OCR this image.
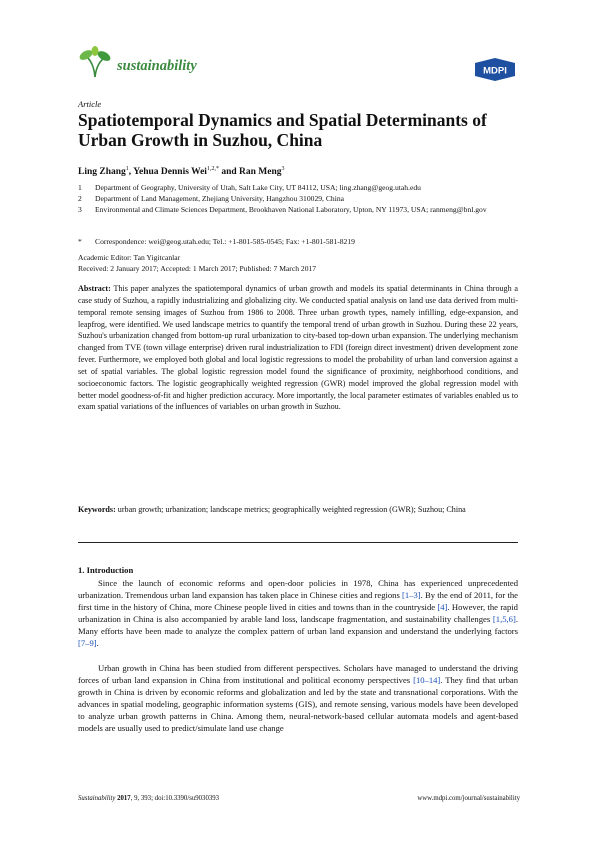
sustainability	MDPI
Article
Spatiotemporal Dynamics and Spatial Determinants of Urban Growth in Suzhou, China
Ling Zhang$^1$, Yehua Dennis Wei$^{1,2,*}$ and Ran Meng$^3$
1	Department of Geography, University of Utah, Salt Lake City, UT 84112, USA; ling.zhang@geog.utah.edu
2	Department of Land Management, Zhejiang University, Hangzhou 310029, China
3	Environmental and Climate Sciences Department, Brookhaven National Laboratory, Upton, NY 11973, USA; ranmeng@bnl.gov
*	Correspondence: wei@geog.utah.edu; Tel.: +1-801-585-0545; Fax: +1-801-581-8219
Academic Editor: Tan Yigitcanlar
Received: 2 January 2017; Accepted: 1 March 2017; Published: 7 March 2017

Abstract: This paper analyzes the spatiotemporal dynamics of urban growth and models its spatial determinants in China through a case study of Suzhou, a rapidly industrializing and globalizing city. We conducted spatial analysis on land use data derived from multi-temporal remote sensing images of Suzhou from 1986 to 2008. Three urban growth types, namely infilling, edge-expansion, and leapfrog, were identified. We used landscape metrics to quantify the temporal trend of urban growth in Suzhou. During these 22 years, Suzhou's urbanization changed from bottom-up rural urbanization to city-based top-down urban expansion. The underlying mechanism changed from TVE (town village enterprise) driven rural industrialization to FDI (foreign direct investment) driven development zone fever. Furthermore, we employed both global and local logistic regressions to model the probability of urban land conversion against a set of spatial variables. The global logistic regression model found the significance of proximity, neighborhood conditions, and socioeconomic factors. The logistic geographically weighted regression (GWR) model improved the global regression model with better model goodness-of-fit and higher prediction accuracy. More importantly, the local parameter estimates of variables enabled us to exam spatial variations of the influences of variables on urban growth in Suzhou.

Keywords: urban growth; urbanization; landscape metrics; geographically weighted regression (GWR); Suzhou; China

1. Introduction

Since the launch of economic reforms and open-door policies in 1978, China has experienced unprecedented urbanization. Tremendous urban land expansion has taken place in Chinese cities and regions [1–3]. By the end of 2011, for the first time in the history of China, more Chinese people lived in cities and towns than in the countryside [4]. However, the rapid urbanization in China is also accompanied by arable land loss, landscape fragmentation, and sustainability challenges [1,5,6]. Many efforts have been made to analyze the complex pattern of urban land expansion and understand the underlying factors [7–9].

Urban growth in China has been studied from different perspectives. Scholars have managed to understand the driving forces of urban land expansion in China from institutional and political economy perspectives [10–14]. They find that urban growth in China is driven by economic reforms and globalization and led by the state and transnational corporations. With the advances in spatial modeling, geographic information systems (GIS), and remote sensing, various models have been developed to analyze urban growth patterns in China. Among them, neural-network-based cellular automata models and agent-based models are usually used to predict/simulate land use change

Sustainability 2017, 9, 393; doi:10.3390/su9030393	www.mdpi.com/journal/sustainability
